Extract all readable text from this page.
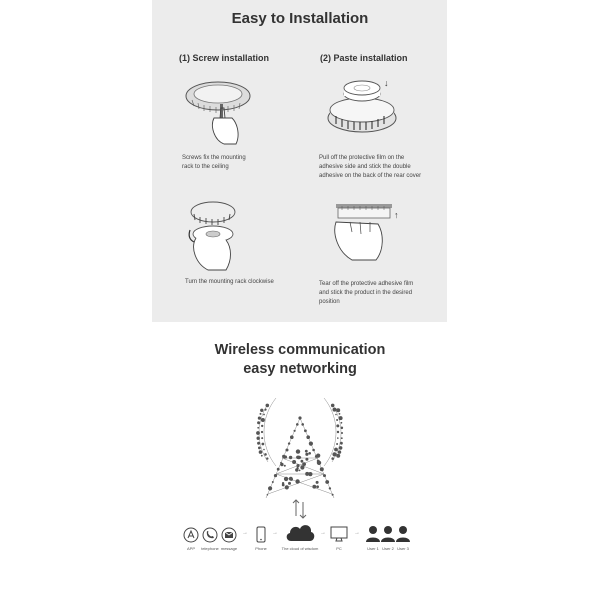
Easy to Installation
(1) Screw installation	(2) Paste installation
Screws fix the mounting
rack to the ceiling
↓
Pull off the protective film on the
adhesive side and stick the double
adhesive on the back of the rear cover
Turn the mounting rack clockwise
↑
Tear off the protective adhesive film
and stick the product in the desired
position
Wireless communication
easy networking
→	→	→	→
APP	telephone message	Phone	The cloud of wisdom	PC	User 1 User 2 User 3
